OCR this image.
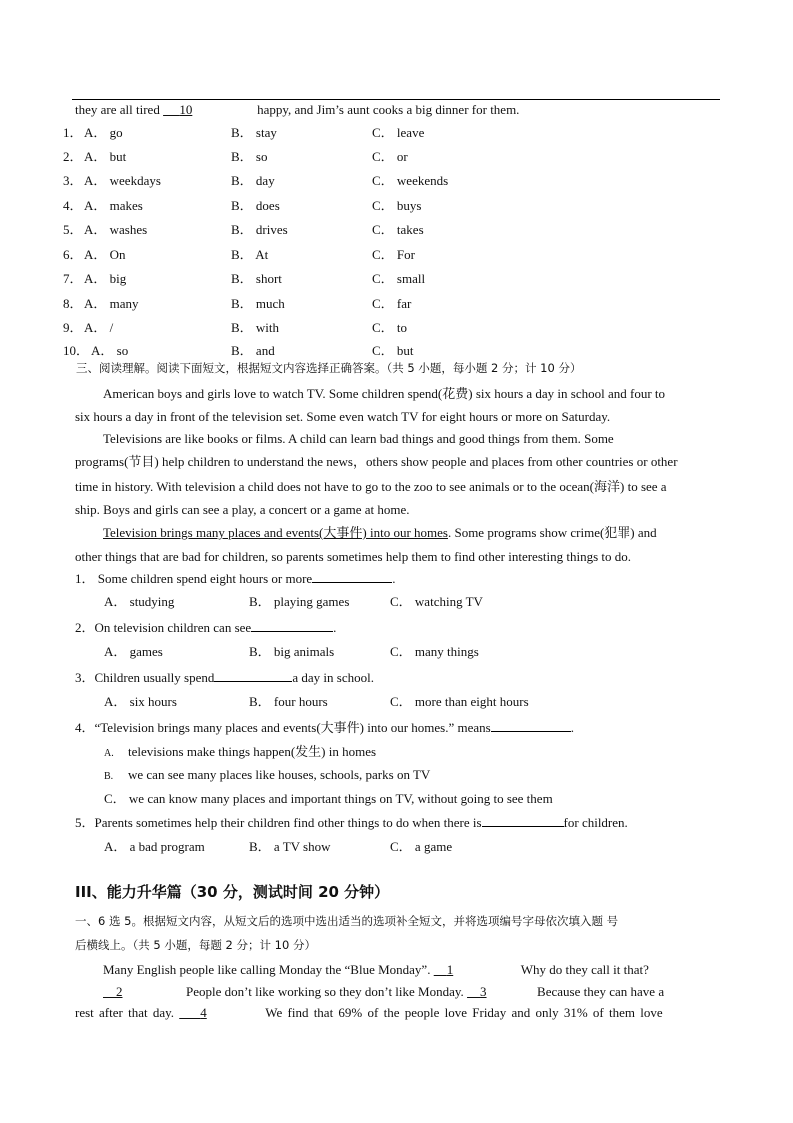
they are all tired      10	happy, and Jim’s aunt cooks a big dinner for them.
1． A． go	B． stay	C． leave
2． A． but	B． so	C． or
3． A． weekdays	B． day	C． weekends
4． A． makes	B． does	C． buys
5． A． washes	B． drives	C． takes
6． A． On	B． At	C． For
7． A． big	B． short	C． small
8． A． many	B． much	C． far
9． A． /	B． with	C． to
10． A． so	B． and	C． but
三、阅读理解。阅读下面短文，根据短文内容选择正确答案。（共 5 小题，每小题 2 分；计 10 分）
American boys and girls love to watch TV. Some children spend(花费) six hours a day in school and four to
six hours a day in front of the television set. Some even watch TV for eight hours or more on Saturday.
Televisions are like books or films. A child can learn bad things and good things from them. Some
programs(节目) help children to understand the news，others show people and places from other countries or other
time in history. With television a child does not have to go to the zoo to see animals or to the ocean(海洋) to see a
ship. Boys and girls can see a play, a concert or a game at home.
Television brings many places and events(大事件) into our homes. Some programs show crime(犯罪) and
other things that are bad for children, so parents sometimes help them to find other interesting things to do.
1． Some children spend eight hours or more	.
A． studying	B． playing games	C． watching TV
2．On television children can see	.
A． games	B． big animals	C． many things
3．Children usually spend	a day in school.
A． six hours	B． four hours	C． more than eight hours
4．“Television brings many places and events(大事件) into our homes.” means	.
A. televisions make things happen(发生) in homes
B. we can see many places like houses, schools, parks on TV
C． we can know many places and important things on TV, without going to see them
5．Parents sometimes help their children find other things to do when there is	for children.
A． a bad program	B． a TV show	C． a game
III、能力升华篇（30 分，测试时间 20 分钟）
一、6 选 5。根据短文内容，从短文后的选项中选出适当的选项补全短文，并将选项编号字母依次填入题 号
后横线上。（共 5 小题，每题 2 分；计 10 分）
Many English people like calling Monday the “Blue Monday”.     1	Why do they call it that?
2	People don’t like working so they don’t like Monday.     3	Because they can have a
rest after that day.     4	We find that 69% of the people love Friday and only 31% of them love
